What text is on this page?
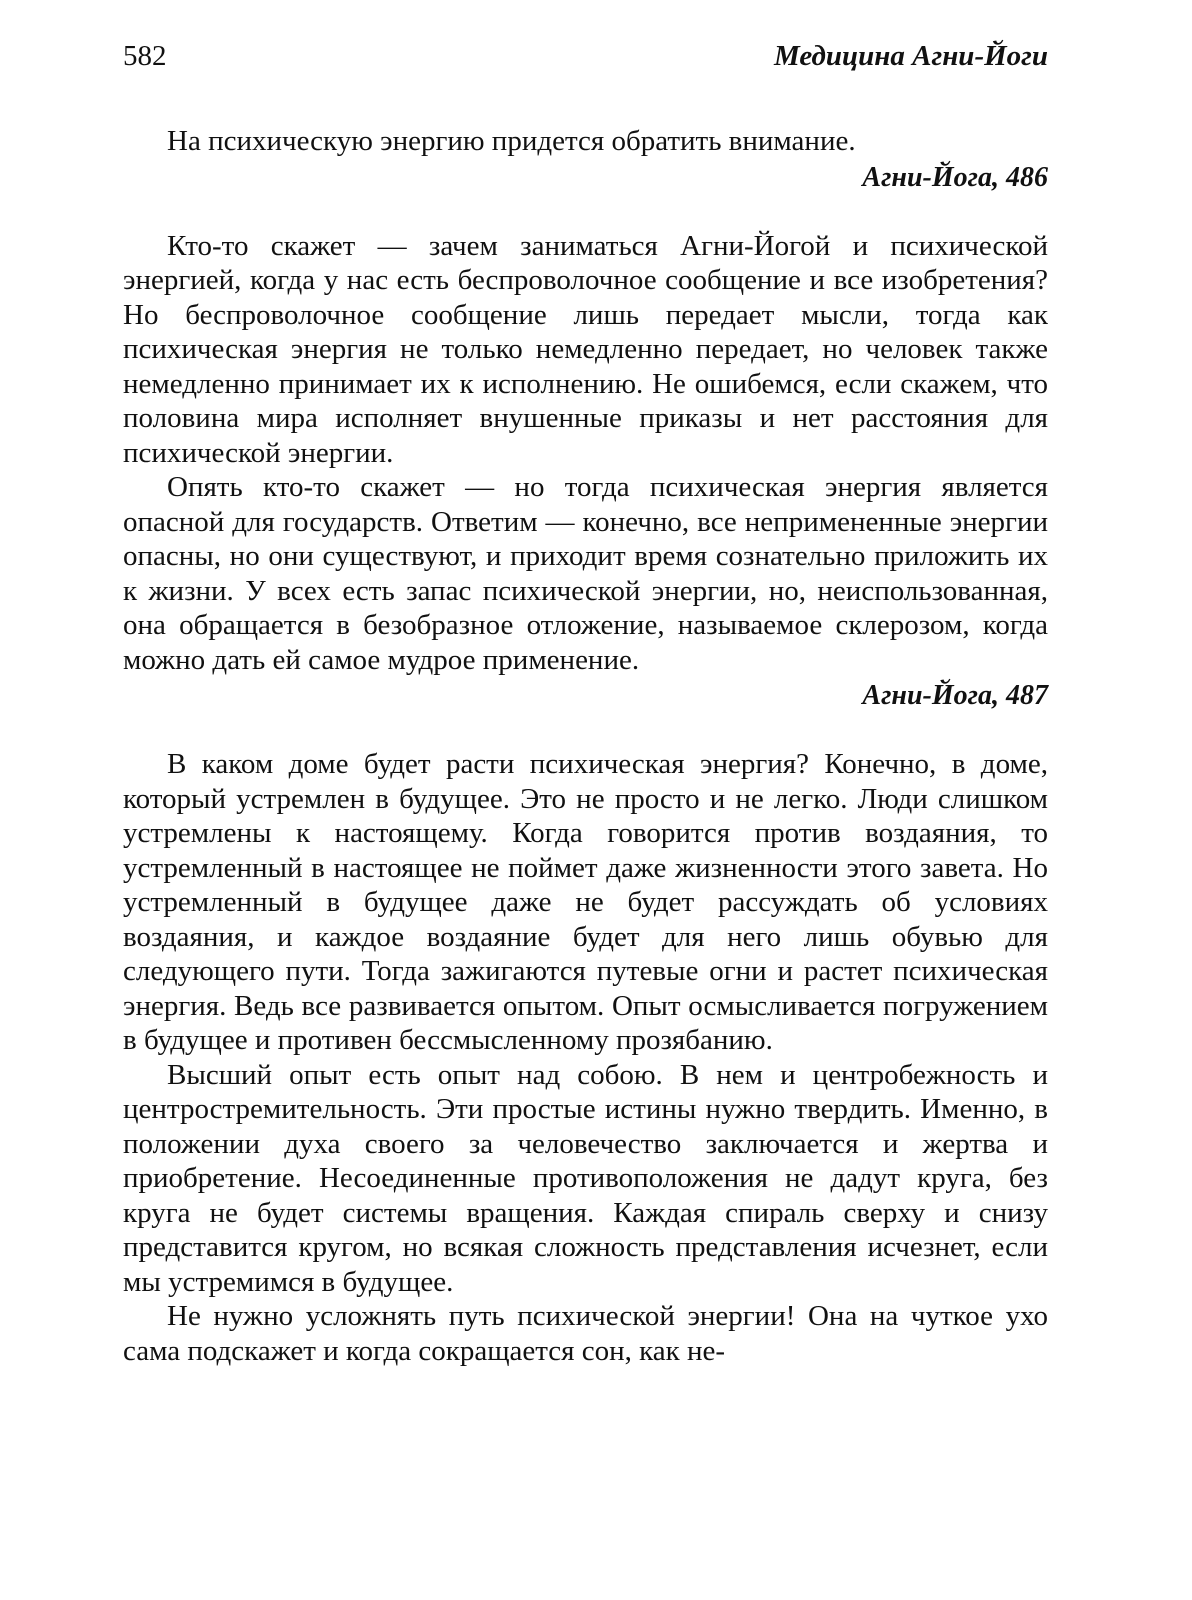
582	Медицина Агни-Йоги

На психическую энергию придется обратить внимание.

Агни-Йога, 486

Кто-то скажет — зачем заниматься Агни-Йогой и психической энергией, когда у нас есть беспроволочное сообщение и все изобретения? Но беспроволочное сообщение лишь передает мысли, тогда как психическая энергия не только немедленно передает, но человек также немедленно принимает их к исполнению. Не ошибемся, если скажем, что половина мира исполняет внушенные приказы и нет расстояния для психической энергии.

Опять кто-то скажет — но тогда психическая энергия является опасной для государств. Ответим — конечно, все непримененные энергии опасны, но они существуют, и приходит время сознательно приложить их к жизни. У всех есть запас психической энергии, но, неиспользованная, она обращается в безобразное отложение, называемое склерозом, когда можно дать ей самое мудрое применение.

Агни-Йога, 487

В каком доме будет расти психическая энергия? Конечно, в доме, который устремлен в будущее. Это не просто и не легко. Люди слишком устремлены к настоящему. Когда говорится против воздаяния, то устремленный в настоящее не поймет даже жизненности этого завета. Но устремленный в будущее даже не будет рассуждать об условиях воздаяния, и каждое воздаяние будет для него лишь обувью для следующего пути. Тогда зажигаются путевые огни и растет психическая энергия. Ведь все развивается опытом. Опыт осмысливается погружением в будущее и противен бессмысленному прозябанию.

Высший опыт есть опыт над собою. В нем и центробежность и центростремительность. Эти простые истины нужно твердить. Именно, в положении духа своего за человечество заключается и жертва и приобретение. Несоединенные противоположения не дадут круга, без круга не будет системы вращения. Каждая спираль сверху и снизу представится кругом, но всякая сложность представления исчезнет, если мы устремимся в будущее.

Не нужно усложнять путь психической энергии! Она на чуткое ухо сама подскажет и когда сокращается сон, как не-
